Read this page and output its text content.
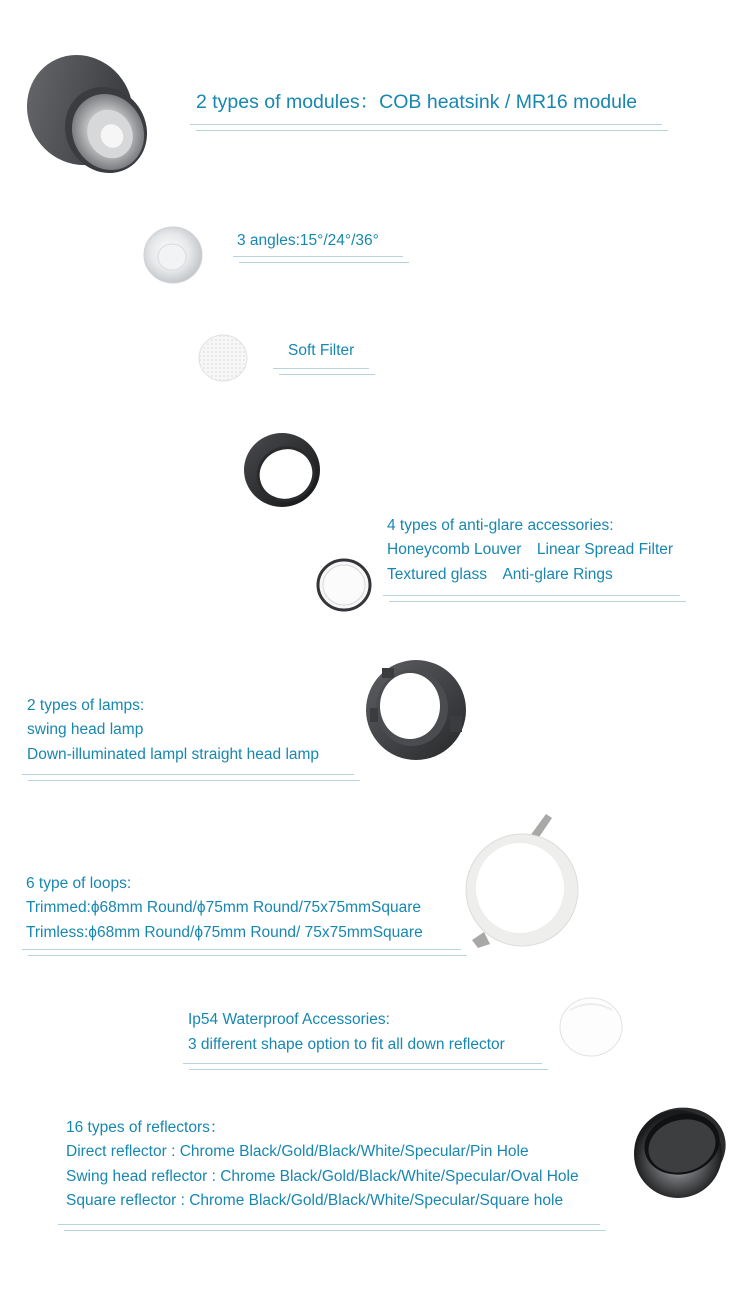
2 types of modules：COB heatsink / MR16 module
3 angles:15°/24°/36°
Soft Filter
4 types of anti-glare accessories:
Honeycomb Louver　Linear Spread Filter
Textured glass　Anti-glare Rings
2 types of lamps:
swing head lamp
Down-illuminated lampl straight head lamp
6 type of loops:
Trimmed:ϕ68mm Round/ϕ75mm Round/75x75mmSquare
Trimless:ϕ68mm Round/ϕ75mm Round/ 75x75mmSquare
Ip54 Waterproof Accessories:
3 different shape option to fit all down reflector
16 types of reflectors：
Direct reflector : Chrome Black/Gold/Black/White/Specular/Pin Hole
Swing head reflector : Chrome Black/Gold/Black/White/Specular/Oval Hole
Square reflector : Chrome Black/Gold/Black/White/Specular/Square hole
